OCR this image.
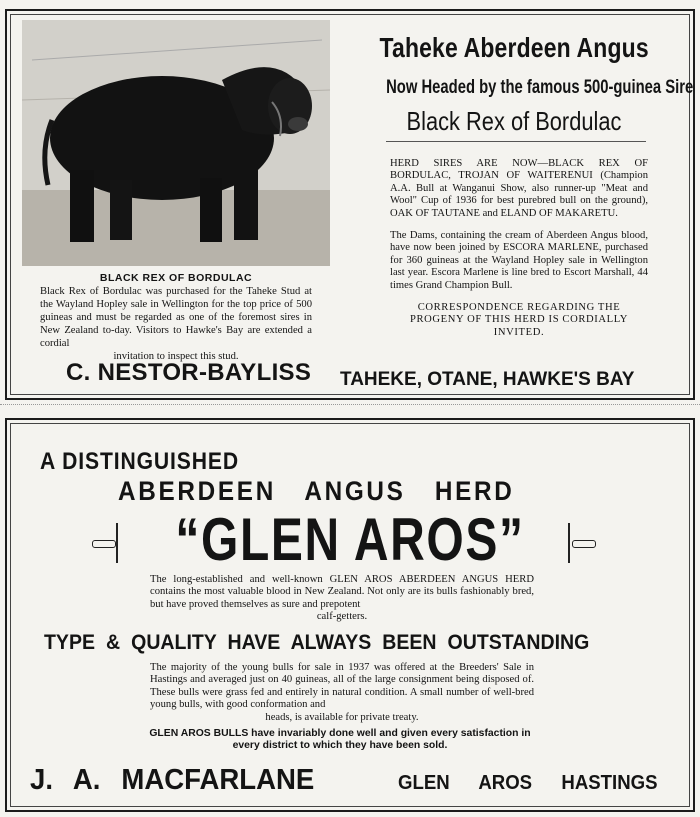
BLACK REX OF BORDULAC
Black Rex of Bordulac was purchased for the Taheke Stud at the Wayland Hopley sale in Wellington for the top price of 500 guineas and must be regarded as one of the foremost sires in New Zealand to-day. Visitors to Hawke's Bay are extended a cordial
invitation to inspect this stud.
C. NESTOR-BAYLISS
Taheke Aberdeen Angus
Now Headed by the famous 500-guinea Sire
Black Rex of Bordulac

HERD SIRES ARE NOW—BLACK REX OF BORDULAC, TROJAN OF WAITERENUI (Champion A.A. Bull at Wanganui Show, also runner-up "Meat and Wool" Cup of 1936 for best purebred bull on the ground), OAK OF TAUTANE and ELAND OF MAKARETU.

The Dams, containing the cream of Aberdeen Angus blood, have now been joined by ESCORA MARLENE, purchased for 360 guineas at the Wayland Hopley sale in Wellington last year. Escora Marlene is line bred to Escort Marshall, 44 times Grand Champion Bull.

CORRESPONDENCE REGARDING THE PROGENY OF THIS HERD IS CORDIALLY INVITED.

TAHEKE, OTANE, HAWKE'S BAY
A DISTINGUISHED
ABERDEEN ANGUS HERD
“GLEN AROS”
The long-established and well-known GLEN AROS ABERDEEN ANGUS HERD contains the most valuable blood in New Zealand. Not only are its bulls fashionably bred, but have proved themselves as sure and prepotent
calf-getters.
TYPE & QUALITY HAVE ALWAYS BEEN OUTSTANDING
The majority of the young bulls for sale in 1937 was offered at the Breeders' Sale in Hastings and averaged just on 40 guineas, all of the large consignment being disposed of. These bulls were grass fed and entirely in natural condition. A small number of well-bred young bulls, with good conformation and
heads, is available for private treaty.
GLEN AROS BULLS have invariably done well and given every satisfaction in every district to which they have been sold.
J. A. MACFARLANE	GLEN AROS HASTINGS
